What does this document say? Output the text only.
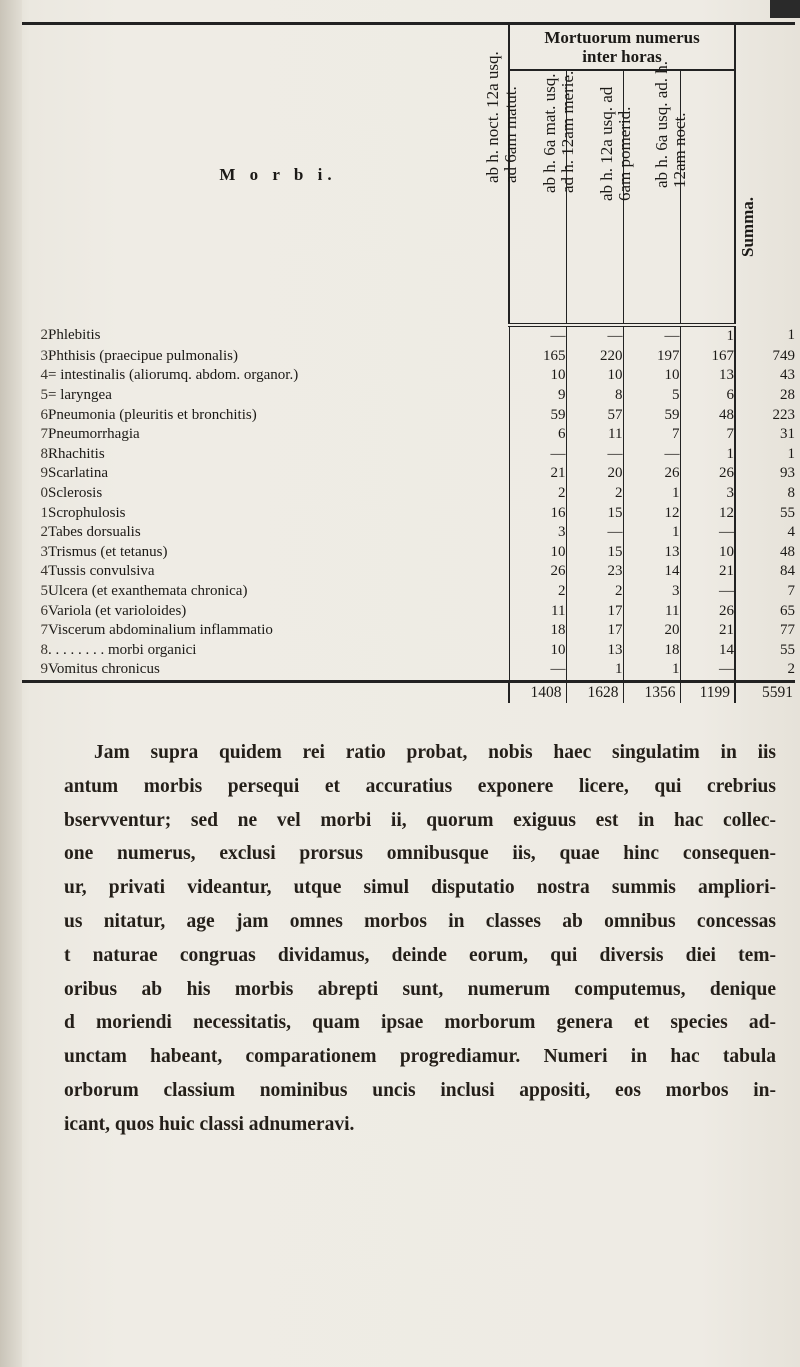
	M o r b i.	Mortuorum numerus
inter horas				Summa.

		ab h. noct. 12a usq.
ad 6am matut.	ab h. 6a mat. usq.
ad h. 12am merie.	ab h. 12a usq. ad
6am pomerid.	ab h. 6a usq. ad. h.
12am noct.	

2	Phlebitis	—	—	—	1	1
3	Phthisis (praecipue pulmonalis)	165	220	197	167	749
4	= intestinalis (aliorumq. abdom. organor.)	10	10	10	13	43
5	= laryngea	9	8	5	6	28
6	Pneumonia (pleuritis et bronchitis)	59	57	59	48	223
7	Pneumorrhagia	6	11	7	7	31
8	Rhachitis	—	—	—	1	1
9	Scarlatina	21	20	26	26	93
0	Sclerosis	2	2	1	3	8
1	Scrophulosis	16	15	12	12	55
2	Tabes dorsualis	3	—	1	—	4
3	Trismus (et tetanus)	10	15	13	10	48
4	Tussis convulsiva	26	23	14	21	84
5	Ulcera (et exanthemata chronica)	2	2	3	—	7
6	Variola (et varioloides)	11	17	11	26	65
7	Viscerum abdominalium inflammatio	18	17	20	21	77
8	. . . . . . . . morbi organici	10	13	18	14	55
9	Vomitus chronicus	—	1	1	—	2
		1408	1628	1356	1199	5591
Jam supra quidem rei ratio probat, nobis haec singulatim in iis
antum morbis persequi et accuratius exponere licere, qui crebrius
bservventur; sed ne vel morbi ii, quorum exiguus est in hac collec-
one numerus, exclusi prorsus omnibusque iis, quae hinc consequen-
ur, privati videantur, utque simul disputatio nostra summis ampliori-
us nitatur, age jam omnes morbos in classes ab omnibus concessas
t naturae congruas dividamus, deinde eorum, qui diversis diei tem-
oribus ab his morbis abrepti sunt, numerum computemus, denique
d moriendi necessitatis, quam ipsae morborum genera et species ad-
unctam habeant, comparationem progrediamur. Numeri in hac tabula
orborum classium nominibus uncis inclusi appositi, eos morbos in-
icant, quos huic classi adnumeravi.
